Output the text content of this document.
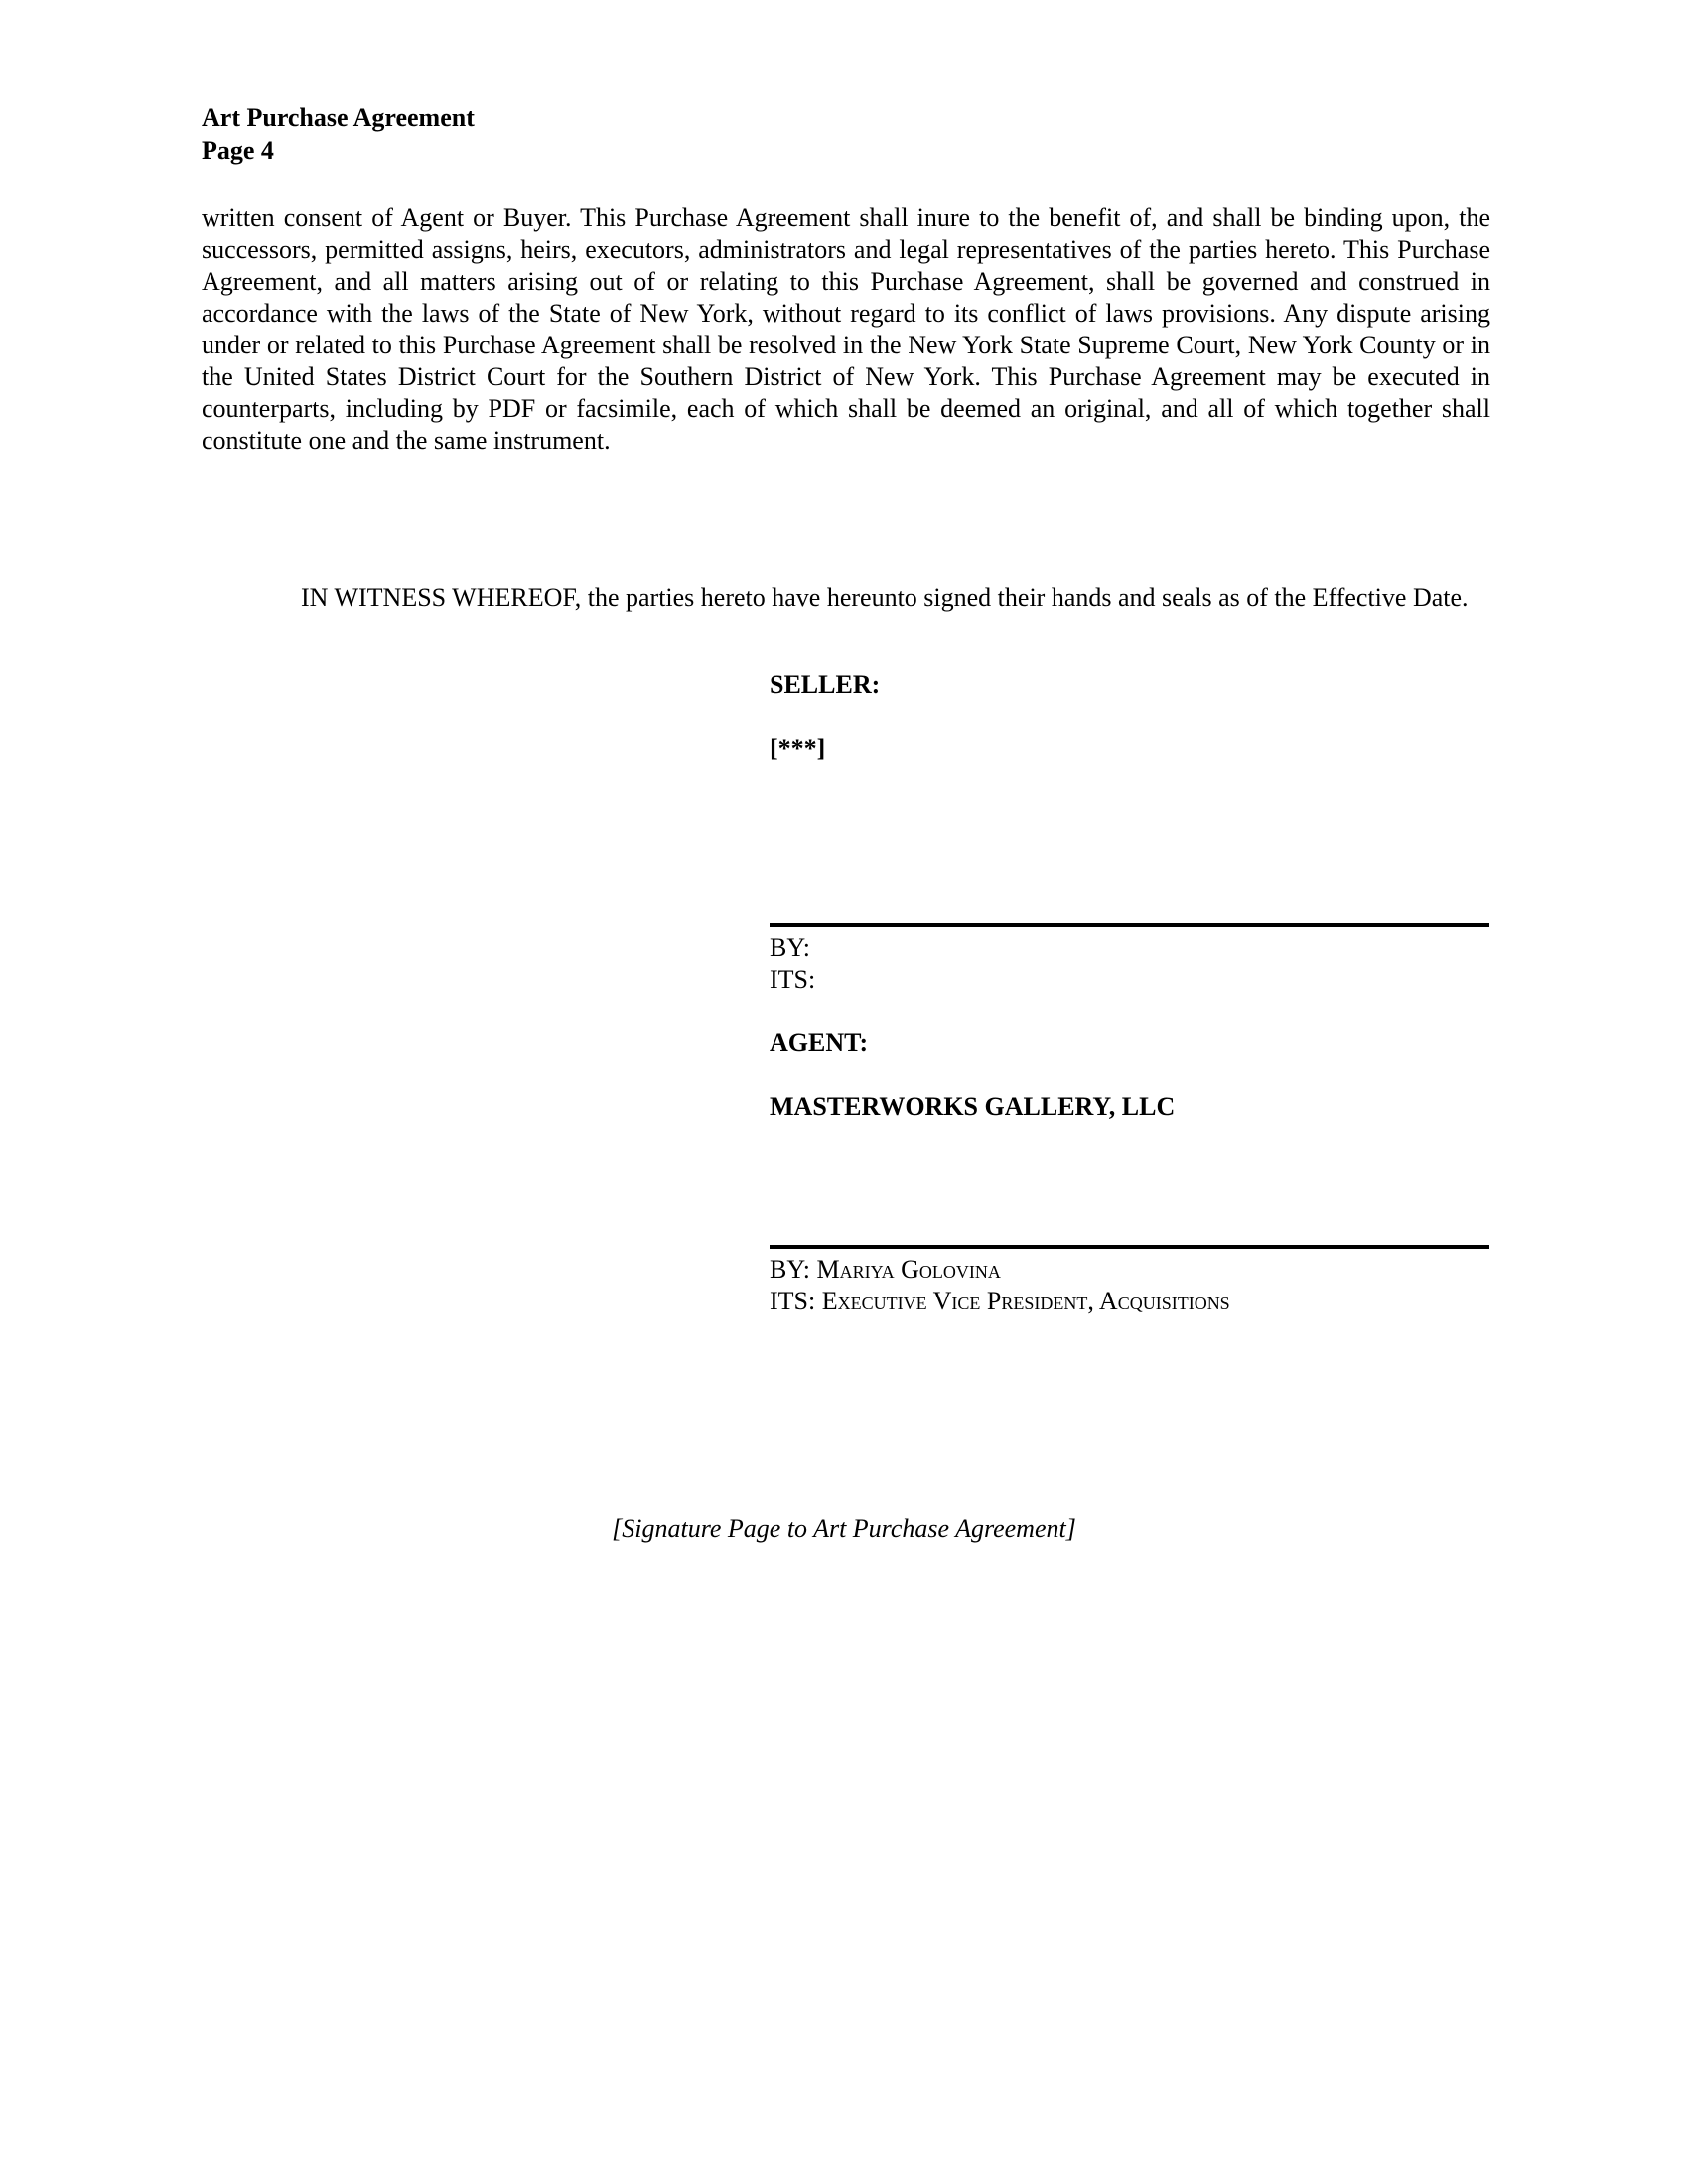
Art Purchase Agreement
Page 4
written consent of Agent or Buyer. This Purchase Agreement shall inure to the benefit of, and shall be binding upon, the successors, permitted assigns, heirs, executors, administrators and legal representatives of the parties hereto. This Purchase Agreement, and all matters arising out of or relating to this Purchase Agreement, shall be governed and construed in accordance with the laws of the State of New York, without regard to its conflict of laws provisions. Any dispute arising under or related to this Purchase Agreement shall be resolved in the New York State Supreme Court, New York County or in the United States District Court for the Southern District of New York. This Purchase Agreement may be executed in counterparts, including by PDF or facsimile, each of which shall be deemed an original, and all of which together shall constitute one and the same instrument.
IN WITNESS WHEREOF, the parties hereto have hereunto signed their hands and seals as of the Effective Date.
SELLER:
[***]
BY:
ITS:
AGENT:
MASTERWORKS GALLERY, LLC
BY: Mariya Golovina
ITS: Executive Vice President, Acquisitions
[Signature Page to Art Purchase Agreement]
